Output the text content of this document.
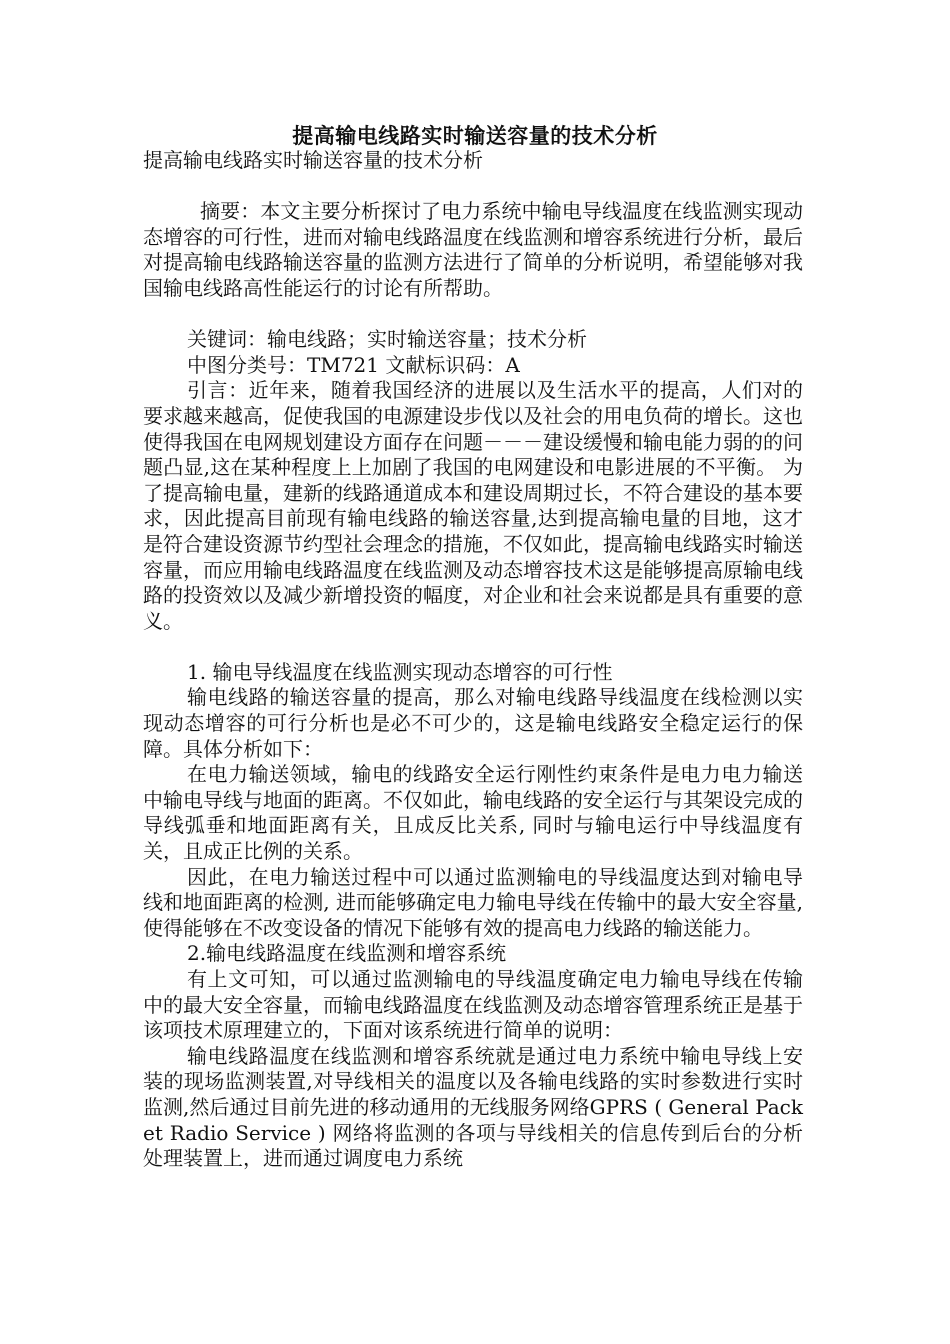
提高输电线路实时输送容量的技术分析

提高输电线路实时输送容量的技术分析

摘要：本文主要分析探讨了电力系统中输电导线温度在线监测实现动态增容的可行性，进而对输电线路温度在线监测和增容系统进行分析，最后对提高输电线路输送容量的监测方法进行了简单的分析说明，希望能够对我国输电线路高性能运行的讨论有所帮助。

关键词：输电线路；实时输送容量；技术分析

中图分类号：TM721 文献标识码：A

引言：近年来，随着我国经济的进展以及生活水平的提高，人们对的要求越来越高，促使我国的电源建设步伐以及社会的用电负荷的增长。这也使得我国在电网规划建设方面存在问题－－－建设缓慢和输电能力弱的的问题凸显,这在某种程度上上加剧了我国的电网建设和电影进展的不平衡。 为了提高输电量，建新的线路通道成本和建设周期过长，不符合建设的基本要求，因此提高目前现有输电线路的输送容量,达到提高输电量的目地，这才是符合建设资源节约型社会理念的措施，不仅如此，提高输电线路实时输送容量，而应用输电线路温度在线监测及动态增容技术这是能够提高原输电线路的投资效以及减少新增投资的幅度，对企业和社会来说都是具有重要的意义。

1. 输电导线温度在线监测实现动态增容的可行性

输电线路的输送容量的提高，那么对输电线路导线温度在线检测以实现动态增容的可行分析也是必不可少的，这是输电线路安全稳定运行的保障。具体分析如下：

在电力输送领域，输电的线路安全运行刚性约束条件是电力电力输送中输电导线与地面的距离。不仅如此，输电线路的安全运行与其架设完成的导线弧垂和地面距离有关，且成反比关系, 同时与输电运行中导线温度有关，且成正比例的关系。

因此，在电力输送过程中可以通过监测输电的导线温度达到对输电导线和地面距离的检测, 进而能够确定电力输电导线在传输中的最大安全容量,使得能够在不改变设备的情况下能够有效的提高电力线路的输送能力。

2.输电线路温度在线监测和增容系统

有上文可知，可以通过监测输电的导线温度确定电力输电导线在传输中的最大安全容量，而输电线路温度在线监测及动态增容管理系统正是基于该项技术原理建立的，下面对该系统进行简单的说明：

输电线路温度在线监测和增容系统就是通过电力系统中输电导线上安装的现场监测装置,对导线相关的温度以及各输电线路的实时参数进行实时监测,然后通过目前先进的移动通用的无线服务网络GPRS ( General Packet Radio Service ) 网络将监测的各项与导线相关的信息传到后台的分析处理装置上，进而通过调度电力系统
